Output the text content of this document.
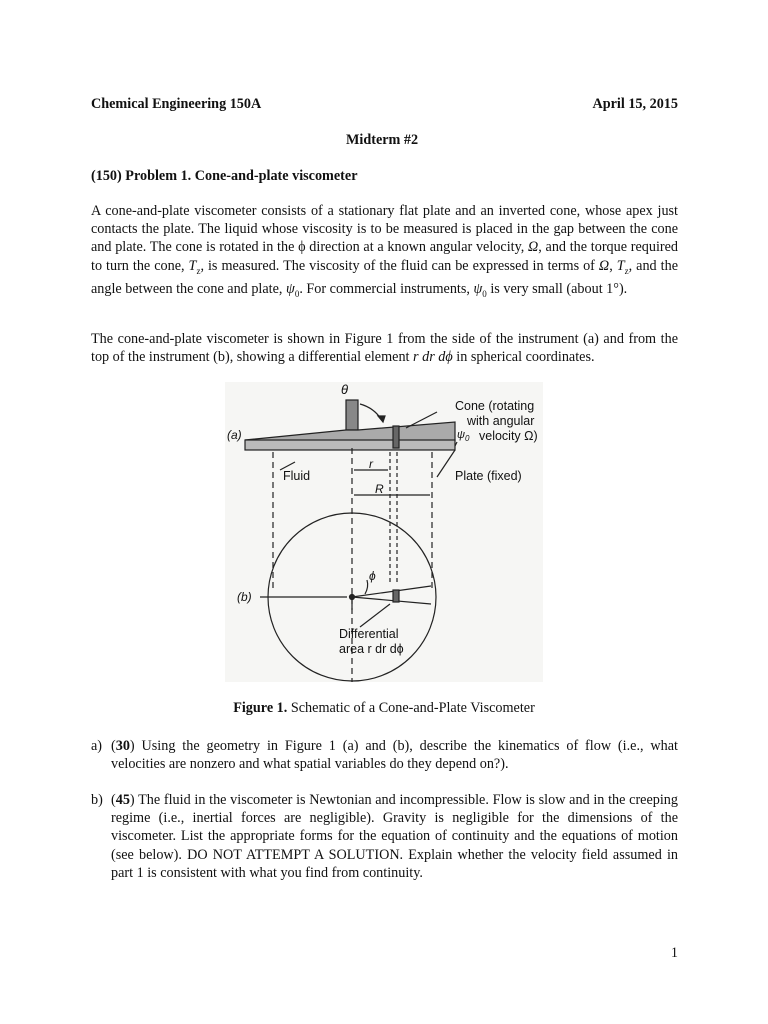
Chemical Engineering 150A	April 15, 2015
Midterm #2
(150) Problem 1. Cone-and-plate viscometer
A cone-and-plate viscometer consists of a stationary flat plate and an inverted cone, whose apex just contacts the plate. The liquid whose viscosity is to be measured is placed in the gap between the cone and plate. The cone is rotated in the ϕ direction at a known angular velocity, Ω, and the torque required to turn the cone, $T_z$, is measured. The viscosity of the fluid can be expressed in terms of Ω, $T_z$, and the angle between the cone and plate, $\psi_0$. For commercial instruments, $\psi_0$ is very small (about 1°).
The cone-and-plate viscometer is shown in Figure 1 from the side of the instrument (a) and from the top of the instrument (b), showing a differential element r dr dϕ in spherical coordinates.
θ
Cone (rotating
with angular
velocity Ω)
$\psi_0$
(a)
Fluid	Plate (fixed)
r
R
ϕ
(b)
Differential
area r dr dϕ
Figure 1. Schematic of a Cone-and-Plate Viscometer
a) (30) Using the geometry in Figure 1 (a) and (b), describe the kinematics of flow (i.e., what velocities are nonzero and what spatial variables do they depend on?).
b) (45) The fluid in the viscometer is Newtonian and incompressible. Flow is slow and in the creeping regime (i.e., inertial forces are negligible). Gravity is negligible for the dimensions of the viscometer. List the appropriate forms for the equation of continuity and the equations of motion (see below). DO NOT ATTEMPT A SOLUTION. Explain whether the velocity field assumed in part 1 is consistent with what you find from continuity.
1
